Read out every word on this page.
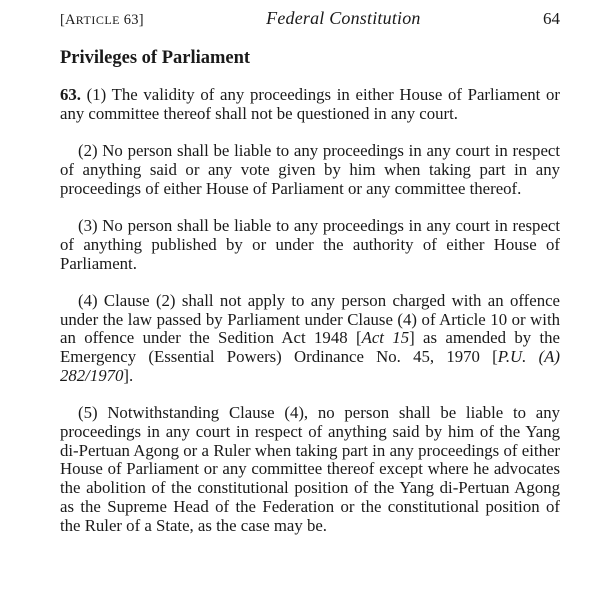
[ARTICLE 63]	Federal Constitution	64
Privileges of Parliament

63. (1) The validity of any proceedings in either House of Parliament or any committee thereof shall not be questioned in any court.

(2) No person shall be liable to any proceedings in any court in respect of anything said or any vote given by him when taking part in any proceedings of either House of Parliament or any committee thereof.

(3) No person shall be liable to any proceedings in any court in respect of anything published by or under the authority of either House of Parliament.

(4) Clause (2) shall not apply to any person charged with an offence under the law passed by Parliament under Clause (4) of Article 10 or with an offence under the Sedition Act 1948 [Act 15] as amended by the Emergency (Essential Powers) Ordinance No. 45, 1970 [P.U. (A) 282/1970].

(5) Notwithstanding Clause (4), no person shall be liable to any proceedings in any court in respect of anything said by him of the Yang di-Pertuan Agong or a Ruler when taking part in any proceedings of either House of Parliament or any committee thereof except where he advocates the abolition of the constitutional position of the Yang di-Pertuan Agong as the Supreme Head of the Federation or the constitutional position of the Ruler of a State, as the case may be.
